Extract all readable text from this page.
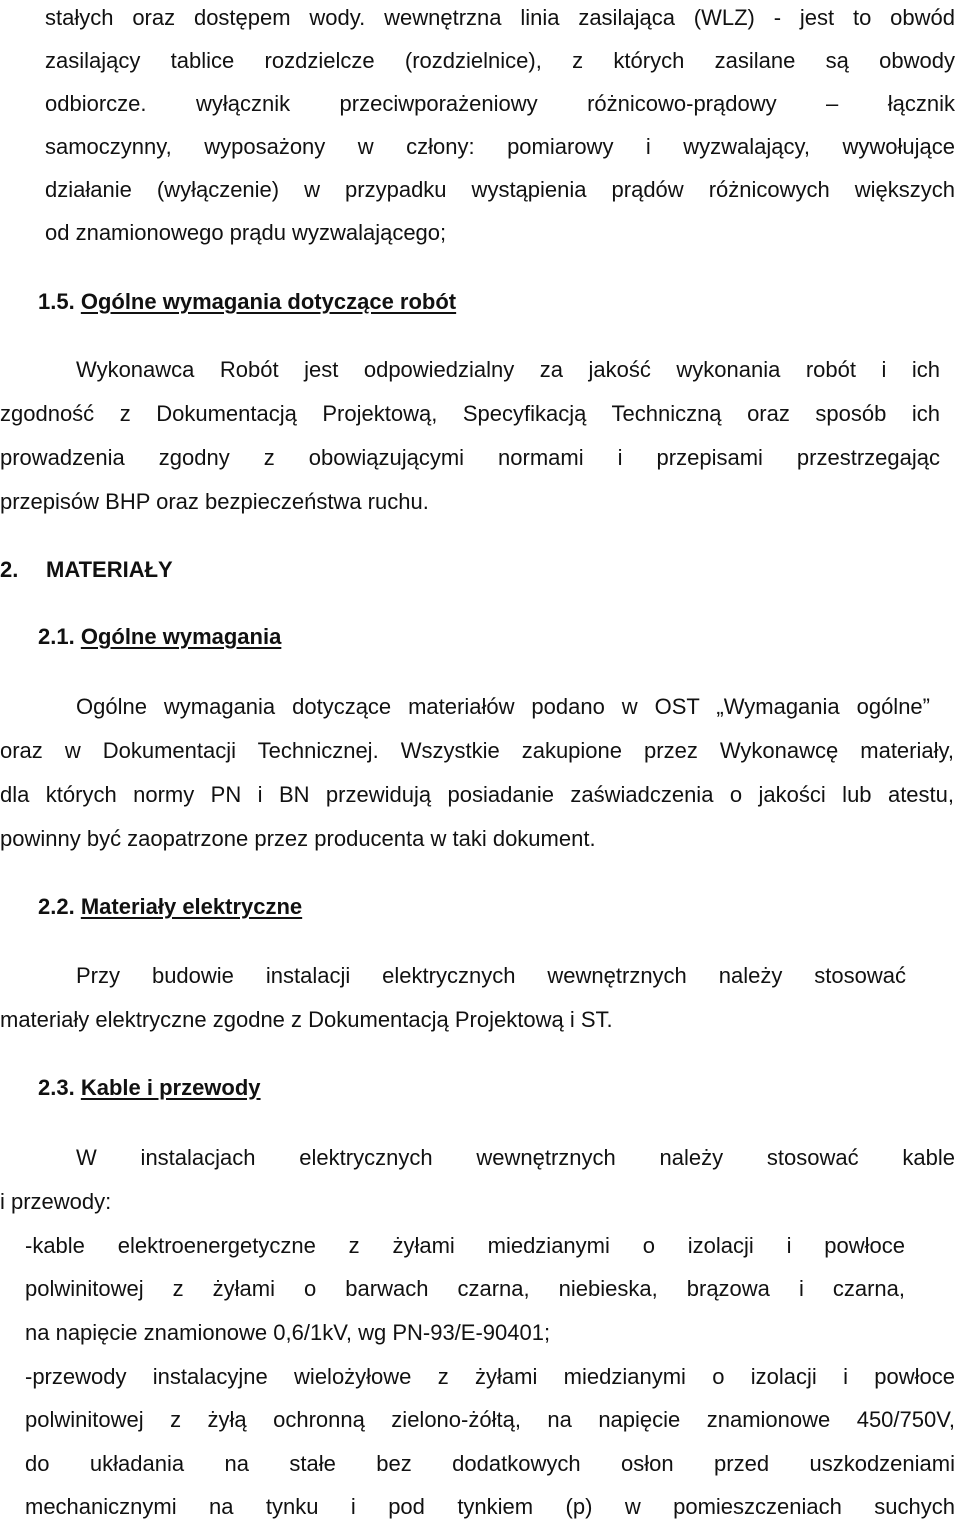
stałych oraz dostępem wody. wewnętrzna linia zasilająca (WLZ) - jest to obwód

zasilający tablice rozdzielcze (rozdzielnice), z których zasilane są obwody

odbiorcze. wyłącznik przeciwporażeniowy różnicowo-prądowy – łącznik

samoczynny, wyposażony w człony: pomiarowy i wyzwalający, wywołujące

działanie (wyłączenie) w przypadku wystąpienia prądów różnicowych większych

od znamionowego prądu wyzwalającego;

1.5. Ogólne wymagania dotyczące robót

Wykonawca Robót jest odpowiedzialny za jakość wykonania robót i ich

zgodność z Dokumentacją Projektową, Specyfikacją Techniczną oraz sposób ich

prowadzenia zgodny z obowiązującymi normami i przepisami przestrzegając

przepisów BHP oraz bezpieczeństwa ruchu.

2. MATERIAŁY
2.1. Ogólne wymagania

Ogólne wymagania dotyczące materiałów podano w OST „Wymagania ogólne”

oraz w Dokumentacji Technicznej. Wszystkie zakupione przez Wykonawcę materiały,

dla których normy PN i BN przewidują posiadanie zaświadczenia o jakości lub atestu,

powinny być zaopatrzone przez producenta w taki dokument.

2.2. Materiały elektryczne

Przy budowie instalacji elektrycznych wewnętrznych należy stosować

materiały elektryczne zgodne z Dokumentacją Projektową i ST.

2.3. Kable i przewody

W instalacjach elektrycznych wewnętrznych należy stosować kable

i przewody:

-kable elektroenergetyczne z żyłami miedzianymi o izolacji i powłoce

polwinitowej z żyłami o barwach czarna, niebieska, brązowa i czarna,

na napięcie znamionowe 0,6/1kV, wg PN-93/E-90401;

-przewody instalacyjne wielożyłowe z żyłami miedzianymi o izolacji i powłoce

polwinitowej z żyłą ochronną zielono-żółtą, na napięcie znamionowe 450/750V,

do układania na stałe bez dodatkowych osłon przed uszkodzeniami

mechanicznymi na tynku i pod tynkiem (p) w pomieszczeniach suchych
